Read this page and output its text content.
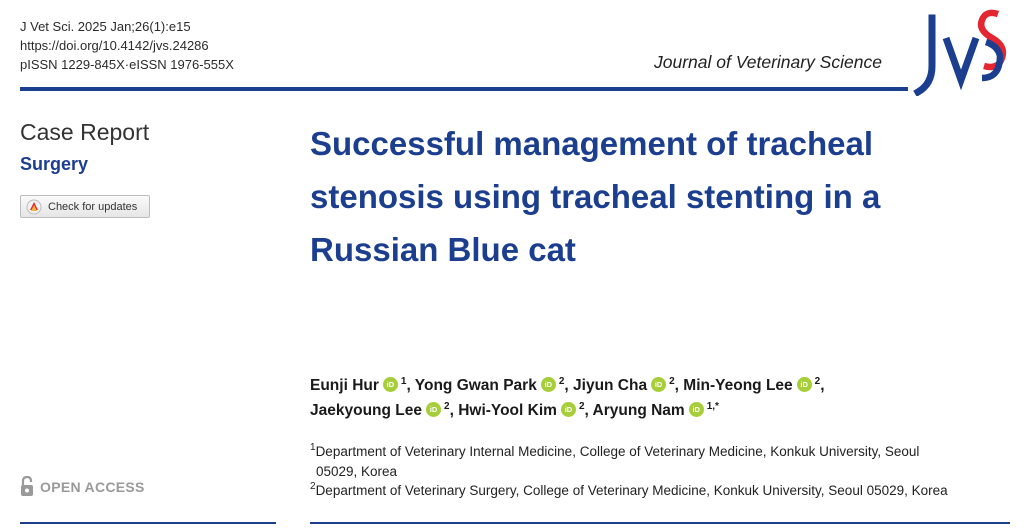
J Vet Sci. 2025 Jan;26(1):e15
https://doi.org/10.4142/jvs.24286
pISSN 1229-845X·eISSN 1976-555X	Journal of Veterinary Science
Case Report
Surgery
Check for updates
Successful management of tracheal stenosis using tracheal stenting in a Russian Blue cat
Eunji Hur iD $^1$, Yong Gwan Park iD $^2$, Jiyun Cha iD $^2$, Min-Yeong Lee iD $^2$,
Jaekyoung Lee iD $^2$, Hwi-Yool Kim iD $^2$, Aryung Nam iD $^{1,*}$
$^1$Department of Veterinary Internal Medicine, College of Veterinary Medicine, Konkuk University, Seoul
05029, Korea
$^2$Department of Veterinary Surgery, College of Veterinary Medicine, Konkuk University, Seoul 05029, Korea
OPEN ACCESS
